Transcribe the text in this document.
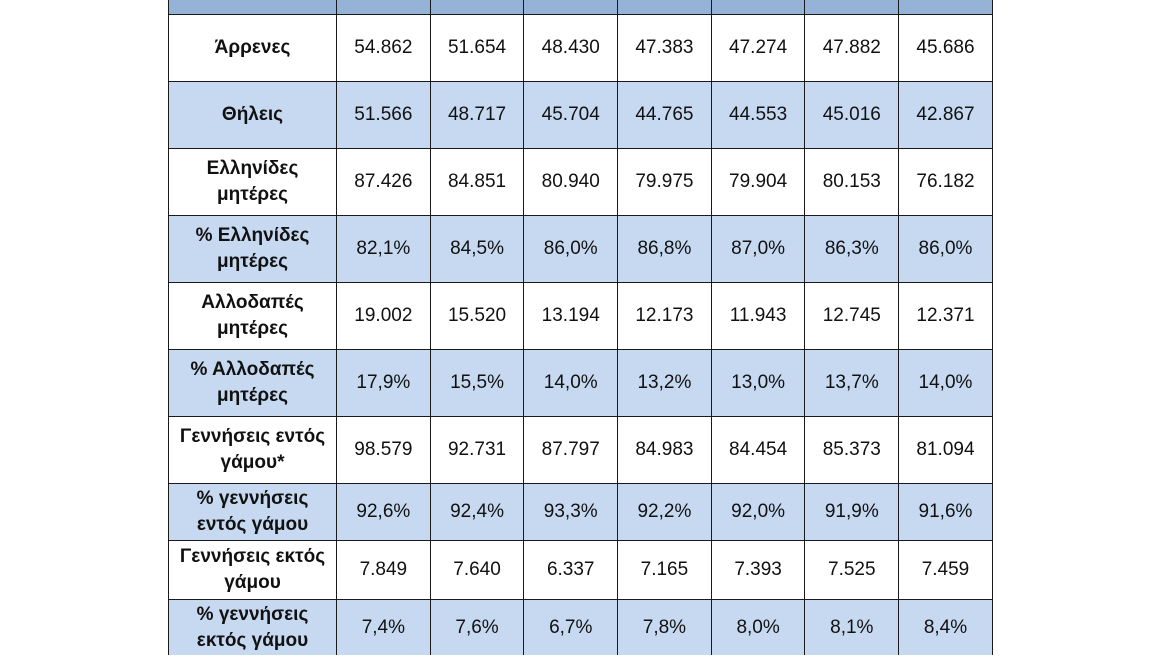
Άρρενες	54.862	51.654	48.430	47.383	47.274	47.882	45.686
Θήλεις	51.566	48.717	45.704	44.765	44.553	45.016	42.867
Ελληνίδες μητέρες	87.426	84.851	80.940	79.975	79.904	80.153	76.182
% Ελληνίδες μητέρες	82,1%	84,5%	86,0%	86,8%	87,0%	86,3%	86,0%
Αλλοδαπές μητέρες	19.002	15.520	13.194	12.173	11.943	12.745	12.371
% Αλλοδαπές μητέρες	17,9%	15,5%	14,0%	13,2%	13,0%	13,7%	14,0%
Γεννήσεις εντός γάμου*	98.579	92.731	87.797	84.983	84.454	85.373	81.094
% γεννήσεις εντός γάμου	92,6%	92,4%	93,3%	92,2%	92,0%	91,9%	91,6%
Γεννήσεις εκτός γάμου	7.849	7.640	6.337	7.165	7.393	7.525	7.459
% γεννήσεις εκτός γάμου	7,4%	7,6%	6,7%	7,8%	8,0%	8,1%	8,4%
